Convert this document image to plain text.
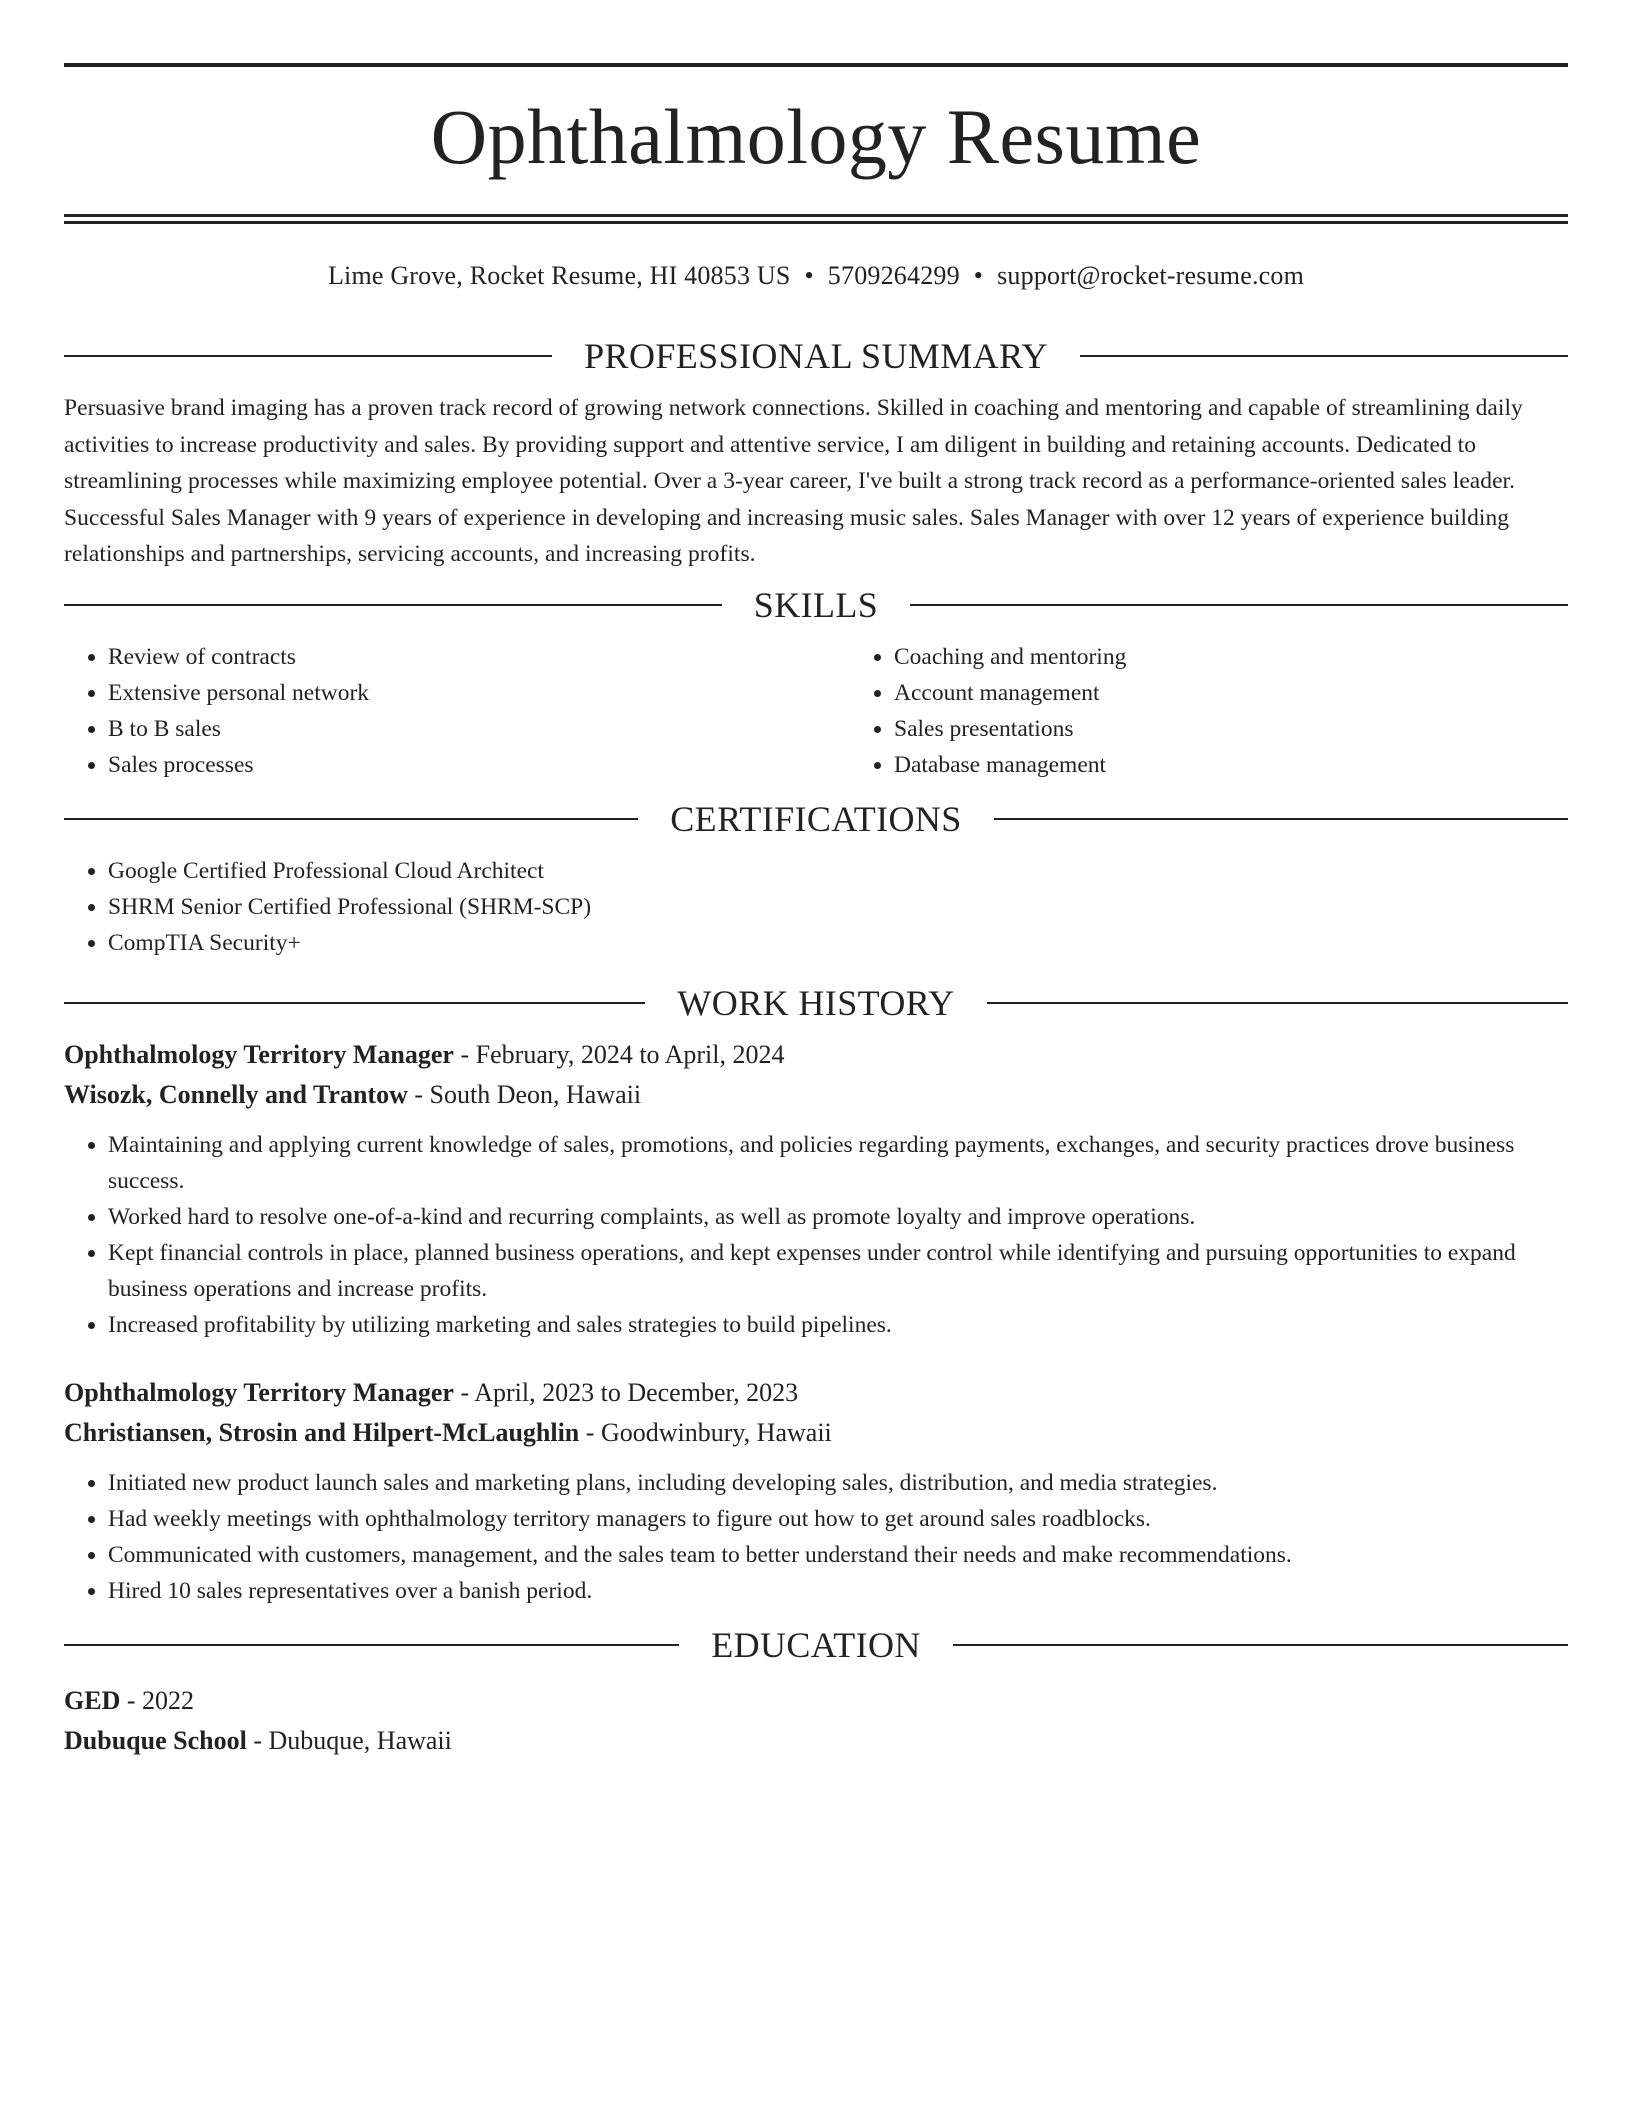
Ophthalmology Resume
Lime Grove, Rocket Resume, HI 40853 US • 5709264299 • support@rocket-resume.com
PROFESSIONAL SUMMARY

Persuasive brand imaging has a proven track record of growing network connections. Skilled in coaching and mentoring and capable of streamlining daily activities to increase productivity and sales. By providing support and attentive service, I am diligent in building and retaining accounts. Dedicated to streamlining processes while maximizing employee potential. Over a 3-year career, I've built a strong track record as a performance-oriented sales leader. Successful Sales Manager with 9 years of experience in developing and increasing music sales. Sales Manager with over 12 years of experience building relationships and partnerships, servicing accounts, and increasing profits.

SKILLS
• Review of contracts
• Extensive personal network
• B to B sales
• Sales processes
• Coaching and mentoring
• Account management
• Sales presentations
• Database management
CERTIFICATIONS
• Google Certified Professional Cloud Architect
• SHRM Senior Certified Professional (SHRM-SCP)
• CompTIA Security+
WORK HISTORY

Ophthalmology Territory Manager - February, 2024 to April, 2024

Wisozk, Connelly and Trantow - South Deon, Hawaii

• Maintaining and applying current knowledge of sales, promotions, and policies regarding payments, exchanges, and security practices drove business success.
• Worked hard to resolve one-of-a-kind and recurring complaints, as well as promote loyalty and improve operations.
• Kept financial controls in place, planned business operations, and kept expenses under control while identifying and pursuing opportunities to expand business operations and increase profits.
• Increased profitability by utilizing marketing and sales strategies to build pipelines.

Ophthalmology Territory Manager - April, 2023 to December, 2023

Christiansen, Strosin and Hilpert-McLaughlin - Goodwinbury, Hawaii

• Initiated new product launch sales and marketing plans, including developing sales, distribution, and media strategies.
• Had weekly meetings with ophthalmology territory managers to figure out how to get around sales roadblocks.
• Communicated with customers, management, and the sales team to better understand their needs and make recommendations.
• Hired 10 sales representatives over a banish period.
EDUCATION

GED - 2022

Dubuque School - Dubuque, Hawaii
